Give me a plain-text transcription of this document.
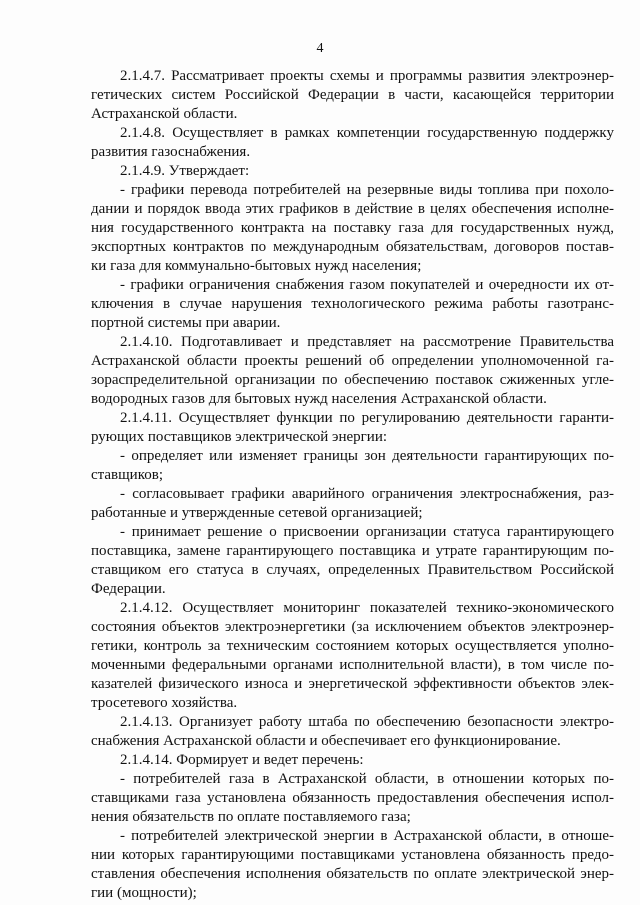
4
2.1.4.7. Рассматривает проекты схемы и программы развития электроэнер-
гетических систем Российской Федерации в части, касающейся территории
Астраханской области.
2.1.4.8. Осуществляет в рамках компетенции государственную поддержку
развития газоснабжения.
2.1.4.9. Утверждает:
- графики перевода потребителей на резервные виды топлива при похоло-
дании и порядок ввода этих графиков в действие в целях обеспечения исполне-
ния государственного контракта на поставку газа для государственных нужд,
экспортных контрактов по международным обязательствам, договоров постав-
ки газа для коммунально-бытовых нужд населения;
- графики ограничения снабжения газом покупателей и очередности их от-
ключения в случае нарушения технологического режима работы газотранс-
портной системы при аварии.
2.1.4.10. Подготавливает и представляет на рассмотрение Правительства
Астраханской области проекты решений об определении уполномоченной га-
зораспределительной организации по обеспечению поставок сжиженных угле-
водородных газов для бытовых нужд населения Астраханской области.
2.1.4.11. Осуществляет функции по регулированию деятельности гаранти-
рующих поставщиков электрической энергии:
- определяет или изменяет границы зон деятельности гарантирующих по-
ставщиков;
- согласовывает графики аварийного ограничения электроснабжения, раз-
работанные и утвержденные сетевой организацией;
- принимает решение о присвоении организации статуса гарантирующего
поставщика, замене гарантирующего поставщика и утрате гарантирующим по-
ставщиком его статуса в случаях, определенных Правительством Российской
Федерации.
2.1.4.12. Осуществляет мониторинг показателей технико-экономического
состояния объектов электроэнергетики (за исключением объектов электроэнер-
гетики, контроль за техническим состоянием которых осуществляется уполно-
моченными федеральными органами исполнительной власти), в том числе по-
казателей физического износа и энергетической эффективности объектов элек-
тросетевого хозяйства.
2.1.4.13. Организует работу штаба по обеспечению безопасности электро-
снабжения Астраханской области и обеспечивает его функционирование.
2.1.4.14. Формирует и ведет перечень:
- потребителей газа в Астраханской области, в отношении которых по-
ставщиками газа установлена обязанность предоставления обеспечения испол-
нения обязательств по оплате поставляемого газа;
- потребителей электрической энергии в Астраханской области, в отноше-
нии которых гарантирующими поставщиками установлена обязанность предо-
ставления обеспечения исполнения обязательств по оплате электрической энер-
гии (мощности);
